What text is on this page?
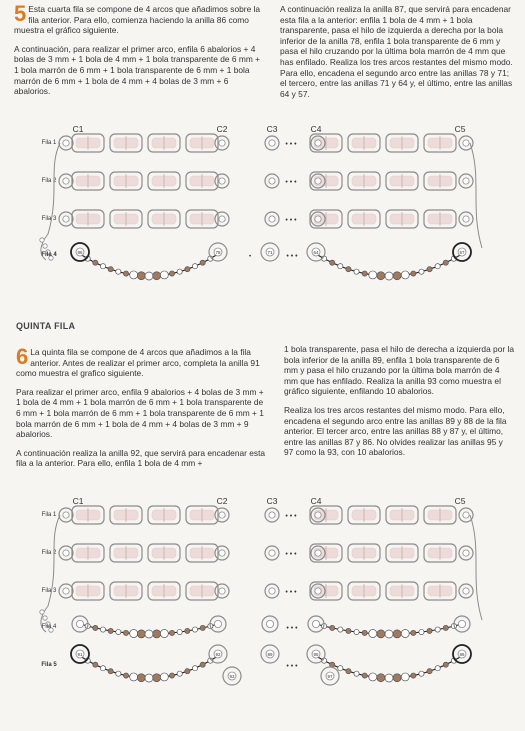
5 Esta cuarta fila se compone de 4 arcos que añadimos sobre la fila anterior. Para ello, comienza haciendo la anilla 86 como muestra el gráfico siguiente.

A continuación, para realizar el primer arco, enfila 6 abalorios + 4 bolas de 3 mm + 1 bola de 4 mm + 1 bola transparente de 6 mm + 1 bola marrón de 6 mm + 1 bola transparente de 6 mm + 1 bola marrón de 6 mm + 1 bola de 4 mm + 4 bolas de 3 mm + 6 abalorios.

A continuación realiza la anilla 87, que servirá para encadenar esta fila a la anterior: enfila 1 bola de 4 mm + 1 bola transparente, pasa el hilo de izquierda a derecha por la bola inferior de la anilla 78, enfila 1 bola transparente de 6 mm y pasa el hilo cruzando por la última bola marrón de 4 mm que has enfilado. Realiza los tres arcos restantes del mismo modo. Para ello, encadena el segundo arco entre las anillas 78 y 71; el tercero, entre las anillas 71 y 64 y, el último, entre las anillas 64 y 57.

C1	C2	C3	C4	C5
Fila 1	• • •
Fila 2	• • •
Fila 3	• • •
Fila 4	•	• • •
86	78	71	64	57
QUINTA FILA

6 La quinta fila se compone de 4 arcos que añadimos a la fila anterior. Antes de realizar el primer arco, completa la anilla 91 como muestra el grafico siguiente.

Para realizar el primer arco, enfila 9 abalorios + 4 bolas de 3 mm + 1 bola de 4 mm + 1 bola marrón de 6 mm + 1 bola transparente de 6 mm + 1 bola marrón de 6 mm + 1 bola transparente de 6 mm + 1 bola marrón de 6 mm + 1 bola de 4 mm + 4 bolas de 3 mm + 9 abalorios.

A continuación realiza la anilla 92, que servirá para encadenar esta fila a la anterior. Para ello, enfila 1 bola de 4 mm +

1 bola transparente, pasa el hilo de derecha a izquierda por la bola inferior de la anilla 89, enfila 1 bola transparente de 6 mm y pasa el hilo cruzando por la última bola marrón de 4 mm que has enfilado. Realiza la anilla 93 como muestra el gráfico siguiente, enfilando 10 abalorios.

Realiza los tres arcos restantes del mismo modo. Para ello, encadena el segundo arco entre las anillas 89 y 88 de la fila anterior. El tercer arco, entre las anillas 88 y 87 y, el último, entre las anillas 87 y 86. No olvides realizar las anillas 95 y 97 como la 93, con 10 abalorios.

C1	C2	C3	C4	C5
Fila 1	• • •
Fila 2	• • •
Fila 3	• • •
Fila 4
Fila 5
• • •
• • •
91	92
93
89	95
97
86
